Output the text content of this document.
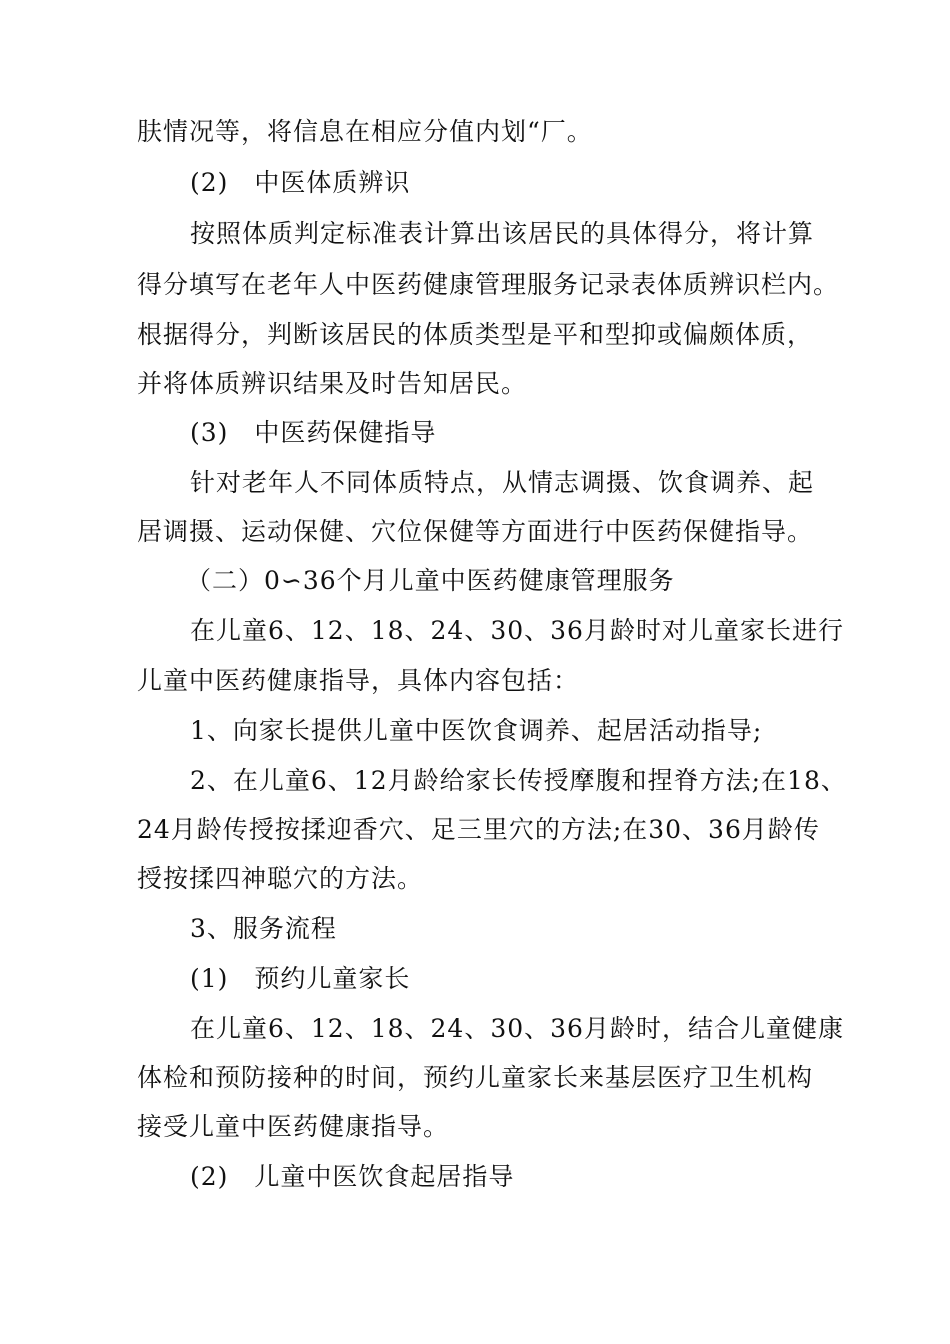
肤情况等，将信息在相应分值内划“厂。
(2)　中医体质辨识
按照体质判定标准表计算出该居民的具体得分，将计算
得分填写在老年人中医药健康管理服务记录表体质辨识栏内。
根据得分，判断该居民的体质类型是平和型抑或偏颇体质，
并将体质辨识结果及时告知居民。
(3)　中医药保健指导
针对老年人不同体质特点，从情志调摄、饮食调养、起
居调摄、运动保健、穴位保健等方面进行中医药保健指导。
（二）0∽36个月儿童中医药健康管理服务
在儿童6、12、18、24、30、36月龄时对儿童家长进行
儿童中医药健康指导，具体内容包括：
1、向家长提供儿童中医饮食调养、起居活动指导;
2、在儿童6、12月龄给家长传授摩腹和捏脊方法;在18、
24月龄传授按揉迎香穴、足三里穴的方法;在30、36月龄传
授按揉四神聪穴的方法。
3、服务流程
(1)　预约儿童家长
在儿童6、12、18、24、30、36月龄时，结合儿童健康
体检和预防接种的时间，预约儿童家长来基层医疗卫生机构
接受儿童中医药健康指导。
(2)　儿童中医饮食起居指导
